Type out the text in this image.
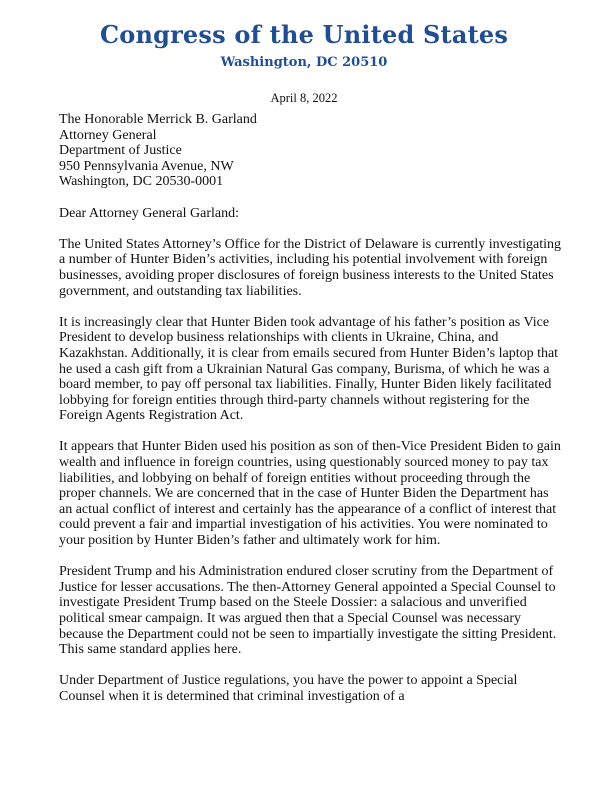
Congress of the United States
Washington, DC 20510
April 8, 2022
The Honorable Merrick B. Garland
Attorney General
Department of Justice
950 Pennsylvania Avenue, NW
Washington, DC 20530-0001
Dear Attorney General Garland:

The United States Attorney’s Office for the District of Delaware is currently investigating a number of Hunter Biden’s activities, including his potential involvement with foreign businesses, avoiding proper disclosures of foreign business interests to the United States government, and outstanding tax liabilities.

It is increasingly clear that Hunter Biden took advantage of his father’s position as Vice President to develop business relationships with clients in Ukraine, China, and Kazakhstan. Additionally, it is clear from emails secured from Hunter Biden’s laptop that he used a cash gift from a Ukrainian Natural Gas company, Burisma, of which he was a board member, to pay off personal tax liabilities. Finally, Hunter Biden likely facilitated lobbying for foreign entities through third-party channels without registering for the Foreign Agents Registration Act.

It appears that Hunter Biden used his position as son of then-Vice President Biden to gain wealth and influence in foreign countries, using questionably sourced money to pay tax liabilities, and lobbying on behalf of foreign entities without proceeding through the proper channels. We are concerned that in the case of Hunter Biden the Department has an actual conflict of interest and certainly has the appearance of a conflict of interest that could prevent a fair and impartial investigation of his activities. You were nominated to your position by Hunter Biden’s father and ultimately work for him.

President Trump and his Administration endured closer scrutiny from the Department of Justice for lesser accusations. The then-Attorney General appointed a Special Counsel to investigate President Trump based on the Steele Dossier: a salacious and unverified political smear campaign. It was argued then that a Special Counsel was necessary because the Department could not be seen to impartially investigate the sitting President. This same standard applies here.

Under Department of Justice regulations, you have the power to appoint a Special Counsel when it is determined that criminal investigation of a
